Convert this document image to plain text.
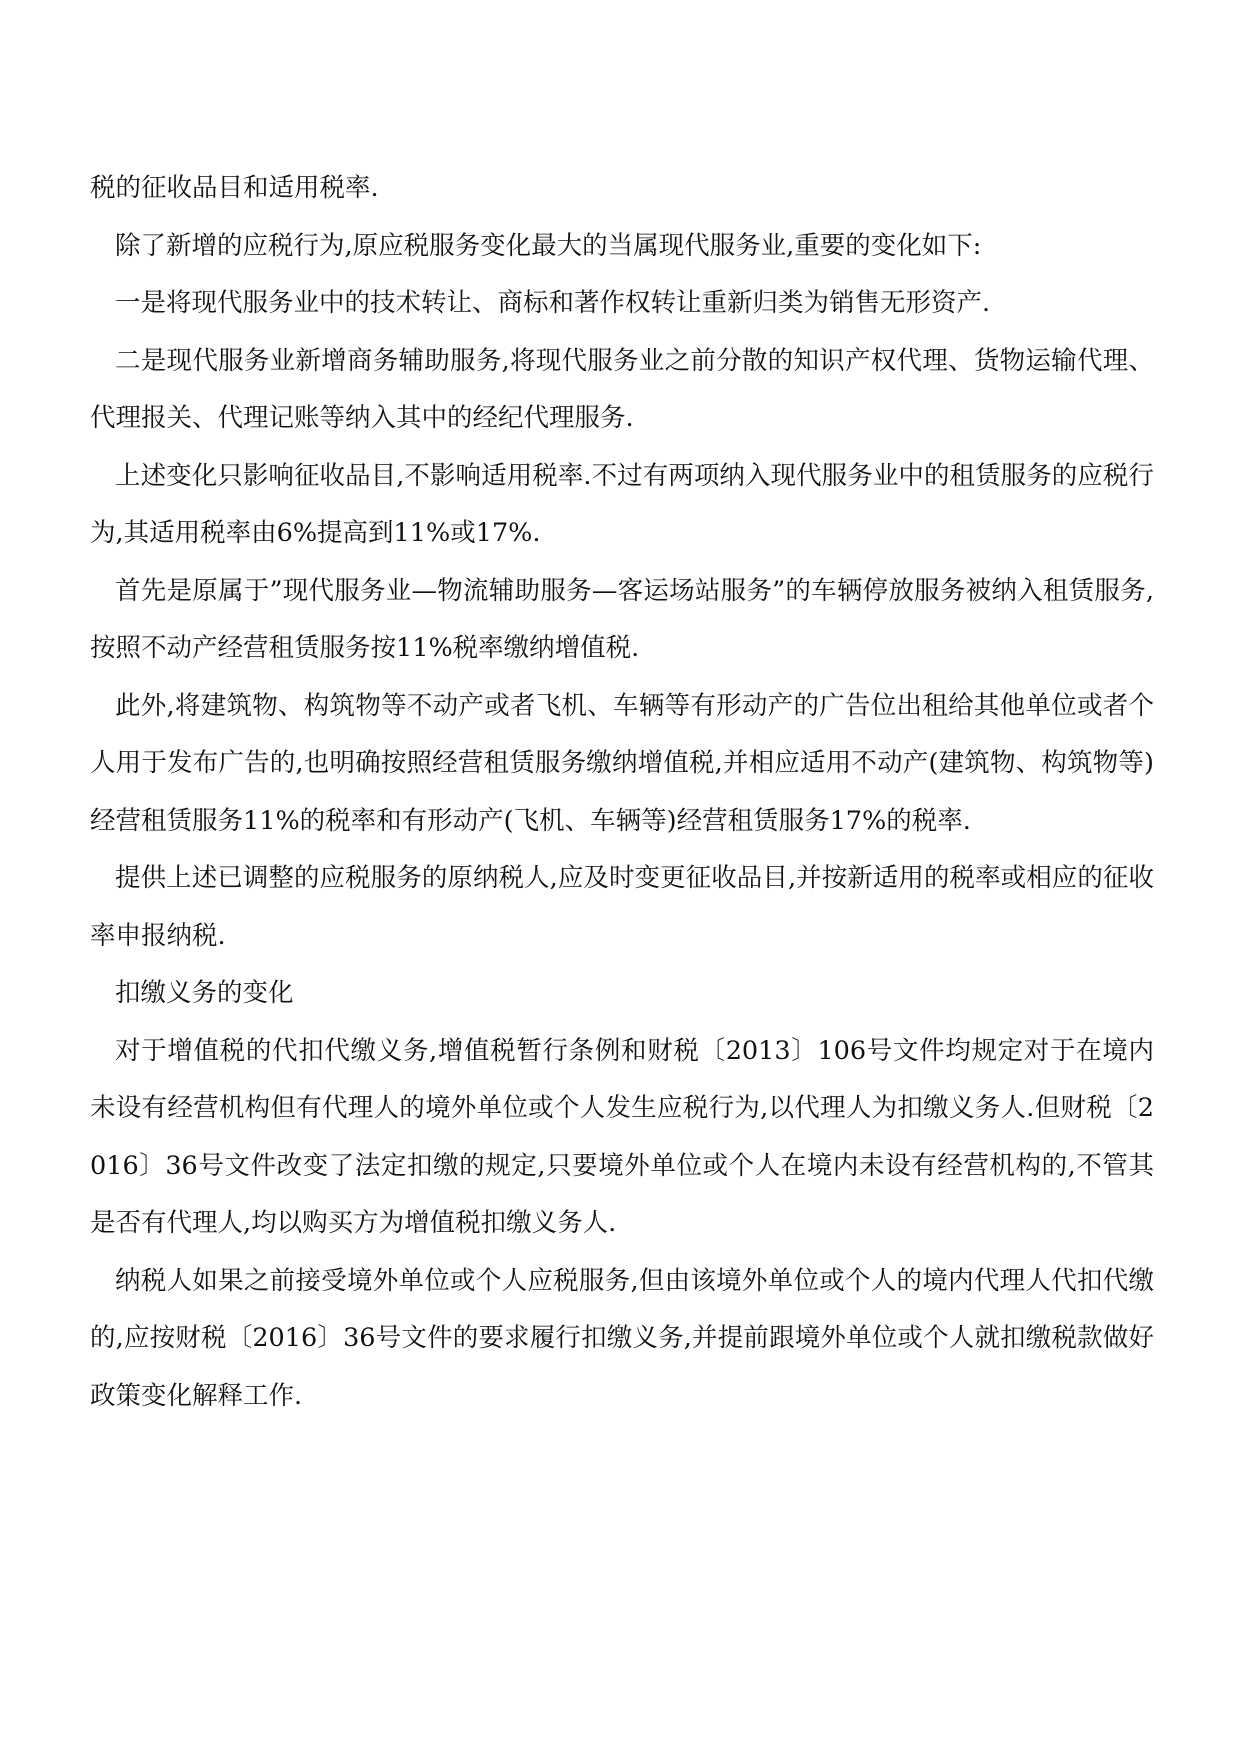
税的征收品目和适用税率.

除了新增的应税行为,原应税服务变化最大的当属现代服务业,重要的变化如下:

一是将现代服务业中的技术转让、商标和著作权转让重新归类为销售无形资产.

二是现代服务业新增商务辅助服务,将现代服务业之前分散的知识产权代理、货物运输代理、代理报关、代理记账等纳入其中的经纪代理服务.

上述变化只影响征收品目,不影响适用税率.不过有两项纳入现代服务业中的租赁服务的应税行为,其适用税率由6%提高到11%或17%.

首先是原属于”现代服务业—物流辅助服务—客运场站服务”的车辆停放服务被纳入租赁服务,按照不动产经营租赁服务按11%税率缴纳增值税.

此外,将建筑物、构筑物等不动产或者飞机、车辆等有形动产的广告位出租给其他单位或者个人用于发布广告的,也明确按照经营租赁服务缴纳增值税,并相应适用不动产(建筑物、构筑物等)经营租赁服务11%的税率和有形动产(飞机、车辆等)经营租赁服务17%的税率.

提供上述已调整的应税服务的原纳税人,应及时变更征收品目,并按新适用的税率或相应的征收率申报纳税.

扣缴义务的变化

对于增值税的代扣代缴义务,增值税暂行条例和财税〔2013〕106号文件均规定对于在境内未设有经营机构但有代理人的境外单位或个人发生应税行为,以代理人为扣缴义务人.但财税〔2016〕36号文件改变了法定扣缴的规定,只要境外单位或个人在境内未设有经营机构的,不管其是否有代理人,均以购买方为增值税扣缴义务人.

纳税人如果之前接受境外单位或个人应税服务,但由该境外单位或个人的境内代理人代扣代缴的,应按财税〔2016〕36号文件的要求履行扣缴义务,并提前跟境外单位或个人就扣缴税款做好政策变化解释工作.
